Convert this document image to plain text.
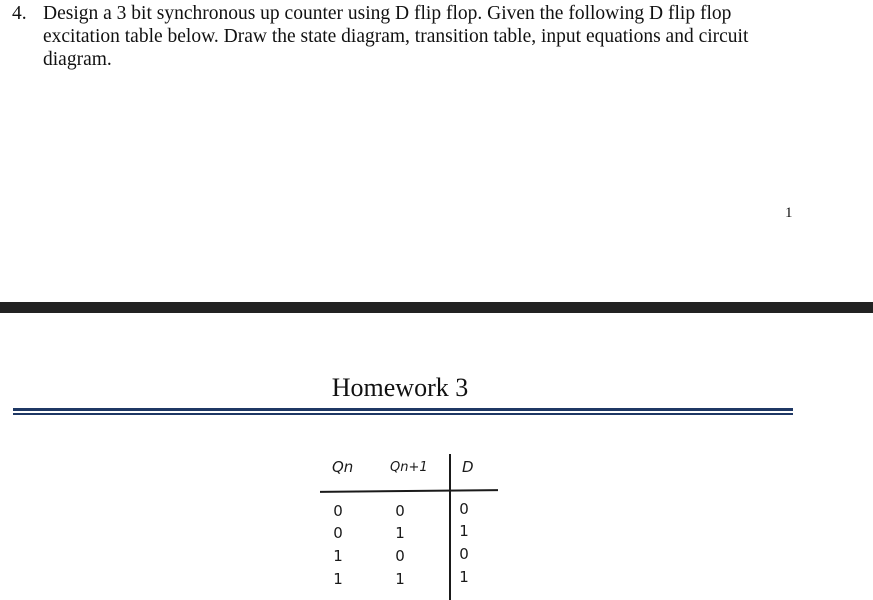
4. Design a 3 bit synchronous up counter using D flip flop. Given the following D flip flop excitation table below. Draw the state diagram, transition table, input equations and circuit diagram.
1
Homework 3
Qn	Qn+1 D
0	0	0
0	1	1
1	0	0
1	1	1
